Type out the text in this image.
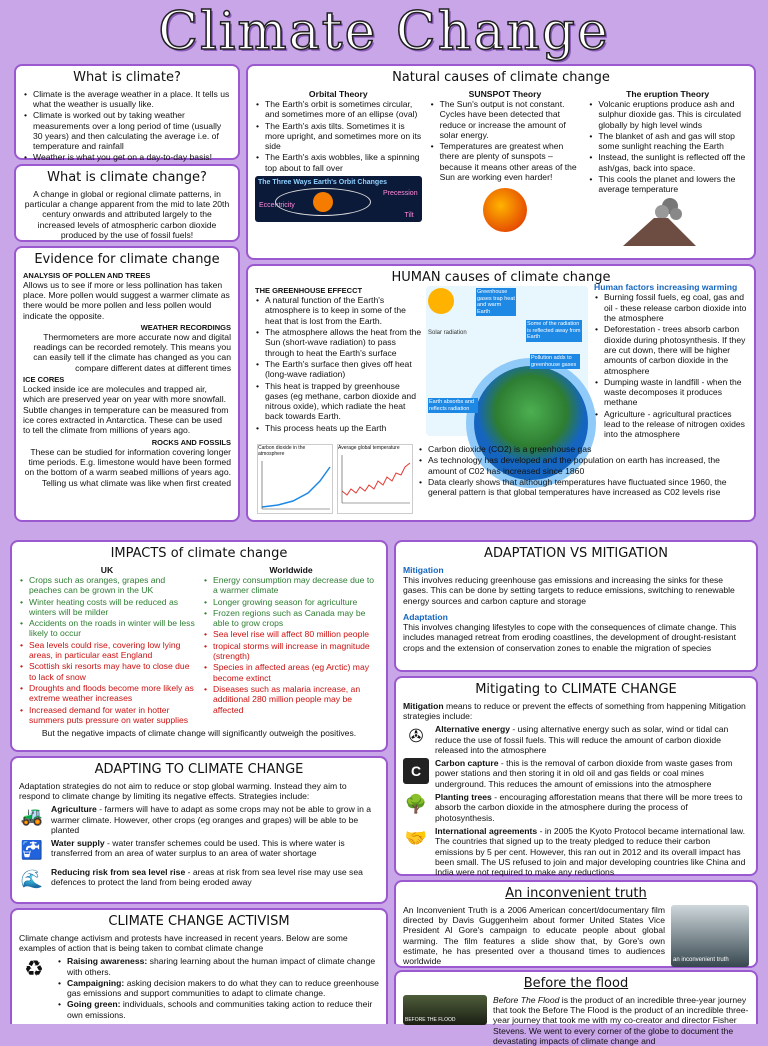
Climate Change
What is climate?
• Climate is the average weather in a place. It tells us what the weather is usually like.
• Climate is worked out by taking weather measurements over a long period of time (usually 30 years) and then calculating the average i.e. of temperature and rainfall
• Weather is what you get on a day-to-day basis!
What is climate change?

A change in global or regional climate patterns, in particular a change apparent from the mid to late 20th century onwards and attributed largely to the increased levels of atmospheric carbon dioxide produced by the use of fossil fuels!

Evidence for climate change
ANALYSIS OF POLLEN AND TREES

Allows us to see if more or less pollination has taken place. More pollen would suggest a warmer climate as there would be more pollen and less pollen would indicate the opposite.

WEATHER RECORDINGS

Thermometers are more accurate now and digital readings can be recorded remotely. This means you can easily tell if the climate has changed as you can compare different dates at different times

ICE CORES

Locked inside ice are molecules and trapped air, which are preserved year on year with more snowfall. Subtle changes in temperature can be measured from ice cores extracted in Antarctica. These can be used to tell the climate from millions of years ago.

ROCKS AND FOSSILS

These can be studied for information covering longer time periods. E.g. limestone would have been formed on the bottom of a warm seabed millions of years ago. Telling us what climate was like when first created

Natural causes of climate change
Orbital Theory
• The Earth's orbit is sometimes circular, and sometimes more of an ellipse (oval)
• The Earth's axis tilts. Sometimes it is more upright, and sometimes more on its side
• The Earth's axis wobbles, like a spinning top about to fall over
The Three Ways Earth's Orbit Changes
Precession
Eccentricity
Tilt
SUNSPOT Theory
• The Sun's output is not constant. Cycles have been detected that reduce or increase the amount of solar energy.
• Temperatures are greatest when there are plenty of sunspots – because it means other areas of the Sun are working even harder!
The eruption Theory
• Volcanic eruptions produce ash and sulphur dioxide gas. This is circulated globally by high level winds
• The blanket of ash and gas will stop some sunlight reaching the Earth
• Instead, the sunlight is reflected off the ash/gas, back into space.
• This cools the planet and lowers the average temperature
HUMAN causes of climate change
THE GREENHOUSE EFFECCT
• A natural function of the Earth's atmosphere is to keep in some of the heat that is lost from the Earth.
• The atmosphere allows the heat from the Sun (short-wave radiation) to pass through to heat the Earth's surface
• The Earth's surface then gives off heat (long-wave radiation)
• This heat is trapped by greenhouse gases (eg methane, carbon dioxide and nitrous oxide), which radiate the heat back towards Earth.
• This process heats up the Earth
Solar radiation
Greenhouse gases trap heat and warm Earth
Some of the radiation is reflected away from Earth
Pollution adds to greenhouse gases
Earth absorbs and reflects radiation
Human factors increasing warming
• Burning fossil fuels, eg coal, gas and oil - these release carbon dioxide into the atmosphere
• Deforestation - trees absorb carbon dioxide during photosynthesis. If they are cut down, there will be higher amounts of carbon dioxide in the atmosphere
• Dumping waste in landfill - when the waste decomposes it produces methane
• Agriculture - agricultural practices lead to the release of nitrogen oxides into the atmosphere
Carbon dioxide in the atmosphere
Average global temperature	• Carbon dioxide (CO2) is a greenhouse gas
• As technology has developed and the population on earth has increased, the amount of C02 has increased since 1860
• Data clearly shows that although temperatures have fluctuated since 1960, the general pattern is that global temperatures have increased as C02 levels rise
IMPACTS of climate change
UK
• Crops such as oranges, grapes and peaches can be grown in the UK
• Winter heating costs will be reduced as winters will be milder
• Accidents on the roads in winter will be less likely to occur
• Sea levels could rise, covering low lying areas, in particular east England
• Scottish ski resorts may have to close due to lack of snow
• Droughts and floods become more likely as extreme weather increases
• Increased demand for water in hotter summers puts pressure on water supplies
Worldwide
• Energy consumption may decrease due to a warmer climate
• Longer growing season for agriculture
• Frozen regions such as Canada may be able to grow crops
• Sea level rise will affect 80 million people
• tropical storms will increase in magnitude (strength)
• Species in affected areas (eg Arctic) may become extinct
• Diseases such as malaria increase, an additional 280 million people may be affected

But the negative impacts of climate change will significantly outweigh the positives.

ADAPTING TO CLIMATE CHANGE

Adaptation strategies do not aim to reduce or stop global warming. Instead they aim to respond to climate change by limiting its negative effects. Strategies include:

🚜 Agriculture - farmers will have to adapt as some crops may not be able to grow in a warmer climate. However, other crops (eg oranges and grapes) will be able to be planted

🚰 Water supply - water transfer schemes could be used. This is where water is transferred from an area of water surplus to an area of water shortage

🌊 Reducing risk from sea level rise - areas at risk from sea level rise may use sea defences to protect the land from being eroded away

CLIMATE CHANGE ACTIVISM

Climate change activism and protests have increased in recent years. Below are some examples of action that is being taken to combat climate change

♻	• Raising awareness: sharing learning about the human impact of climate change with others.
• Campaigning: asking decision makers to do what they can to reduce greenhouse gas emissions and support communities to adapt to climate change.
• Going green: individuals, schools and communities taking action to reduce their own emissions.
ADAPTATION VS MITIGATION
Mitigation

This involves reducing greenhouse gas emissions and increasing the sinks for these gases. This can be done by setting targets to reduce emissions, switching to renewable energy sources and carbon capture and storage

Adaptation

This involves changing lifestyles to cope with the consequences of climate change. This includes managed retreat from eroding coastlines, the development of drought-resistant crops and the extension of conservation zones to enable the migration of species

Mitigating to CLIMATE CHANGE

Mitigation means to reduce or prevent the effects of something from happening Mitigation strategies include:

✇	Alternative energy - using alternative energy such as solar, wind or tidal can reduce the use of fossil fuels. This will reduce the amount of carbon dioxide released into the atmosphere

C	Carbon capture - this is the removal of carbon dioxide from waste gases from power stations and then storing it in old oil and gas fields or coal mines underground. This reduces the amount of emissions into the atmosphere

🌳 Planting trees - encouraging afforestation means that there will be more trees to absorb the carbon dioxide in the atmosphere during the process of photosynthesis.

🤝 International agreements - in 2005 the Kyoto Protocol became international law. The countries that signed up to the treaty pledged to reduce their carbon emissions by 5 per cent. However, this ran out in 2012 and its overall impact has been small. The US refused to join and major developing countries like China and India were not required to make any reductions

An inconvenient truth

An Inconvenient Truth is a 2006 American concert/documentary film directed by Davis Guggenheim about former United States Vice President Al Gore's campaign to educate people about global warming. The film features a slide show that, by Gore's own estimate, he has presented over a thousand times to audiences worldwide	an inconvenient truth
Before the flood
BEFORE THE FLOOD

Before The Flood is the product of an incredible three-year journey that took the Before The Flood is the product of an incredible three-year journey that took me with my co-creator and director Fisher Stevens. We went to every corner of the globe to document the devastating impacts of climate change and
